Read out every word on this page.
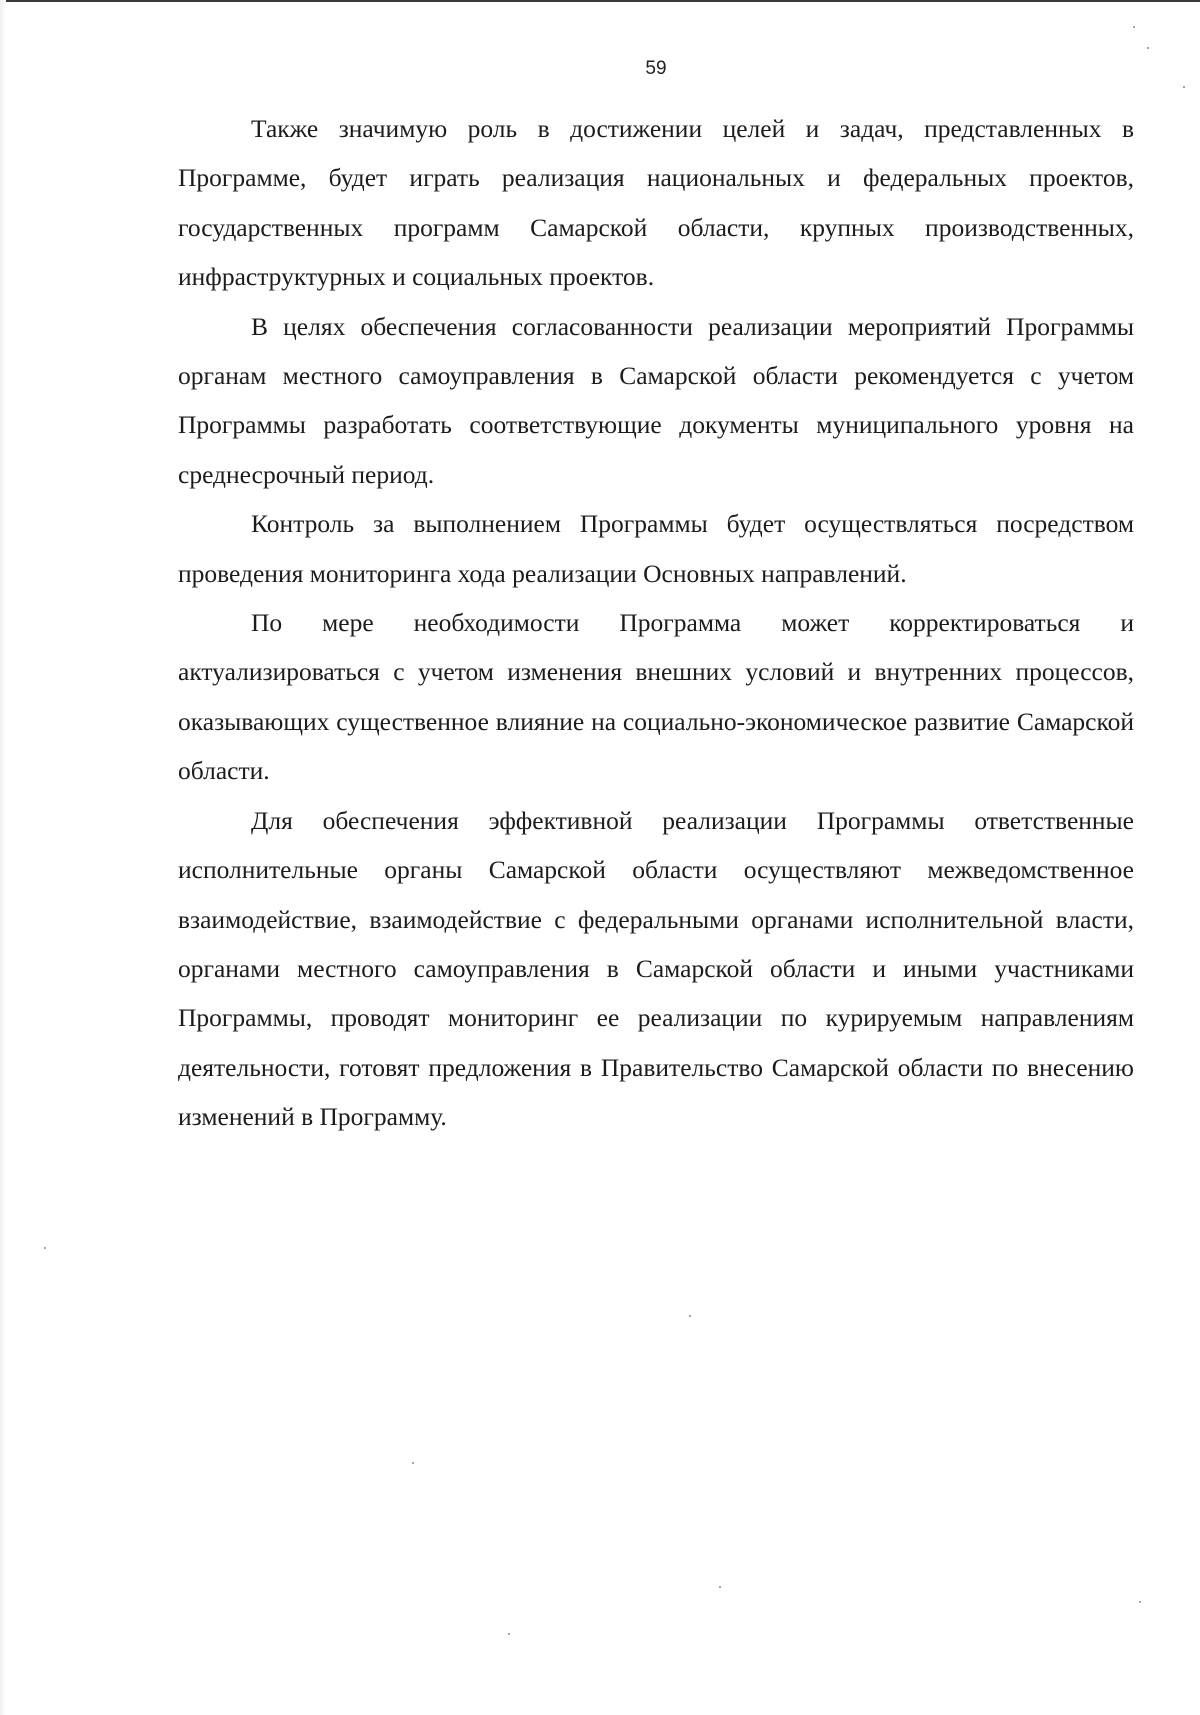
59

Также значимую роль в достижении целей и задач, представленных в Программе, будет играть реализация национальных и федеральных проектов, государственных программ Самарской области, крупных производственных, инфраструктурных и социальных проектов.

В целях обеспечения согласованности реализации мероприятий Программы органам местного самоуправления в Самарской области рекомендуется с учетом Программы разработать соответствующие документы муниципального уровня на среднесрочный период.

Контроль за выполнением Программы будет осуществляться посредством проведения мониторинга хода реализации Основных направлений.

По мере необходимости Программа может корректироваться и актуализироваться с учетом изменения внешних условий и внутренних процессов, оказывающих существенное влияние на социально-экономическое развитие Самарской области.

Для обеспечения эффективной реализации Программы ответственные исполнительные органы Самарской области осуществляют межведомственное взаимодействие, взаимодействие с федеральными органами исполнительной власти, органами местного самоуправления в Самарской области и иными участниками Программы, проводят мониторинг ее реализации по курируемым направлениям деятельности, готовят предложения в Правительство Самарской области по внесению изменений в Программу.
